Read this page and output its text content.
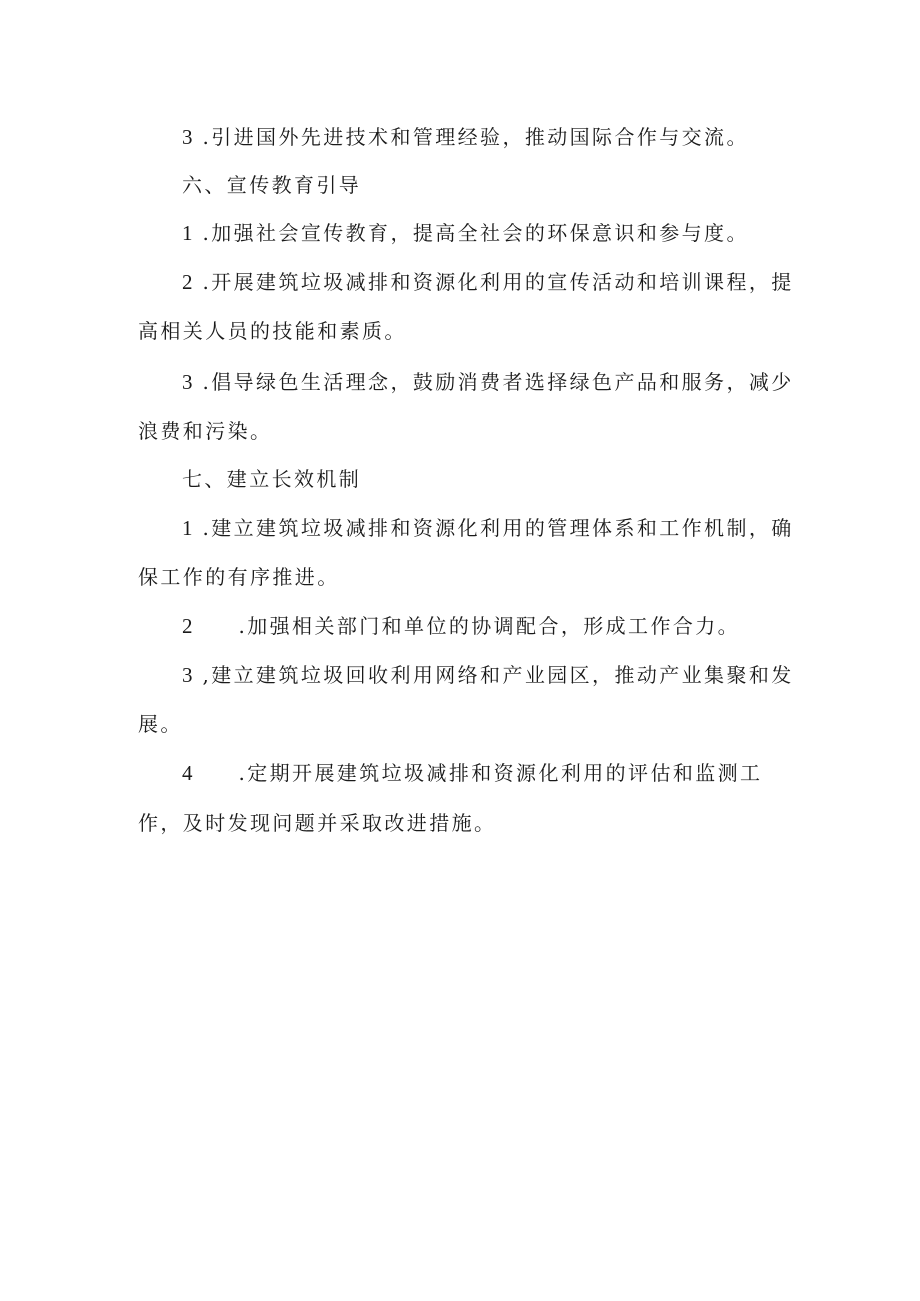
3 .引进国外先进技术和管理经验，推动国际合作与交流。
六、宣传教育引导
1 .加强社会宣传教育，提高全社会的环保意识和参与度。
2 .开展建筑垃圾减排和资源化利用的宣传活动和培训课程，提
高相关人员的技能和素质。
3 .倡导绿色生活理念，鼓励消费者选择绿色产品和服务，减少
浪费和污染。
七、建立长效机制
1 .建立建筑垃圾减排和资源化利用的管理体系和工作机制，确
保工作的有序推进。
2 .加强相关部门和单位的协调配合，形成工作合力。
3 ,建立建筑垃圾回收利用网络和产业园区，推动产业集聚和发
展。
4 .定期开展建筑垃圾减排和资源化利用的评估和监测工
作，及时发现问题并采取改进措施。
